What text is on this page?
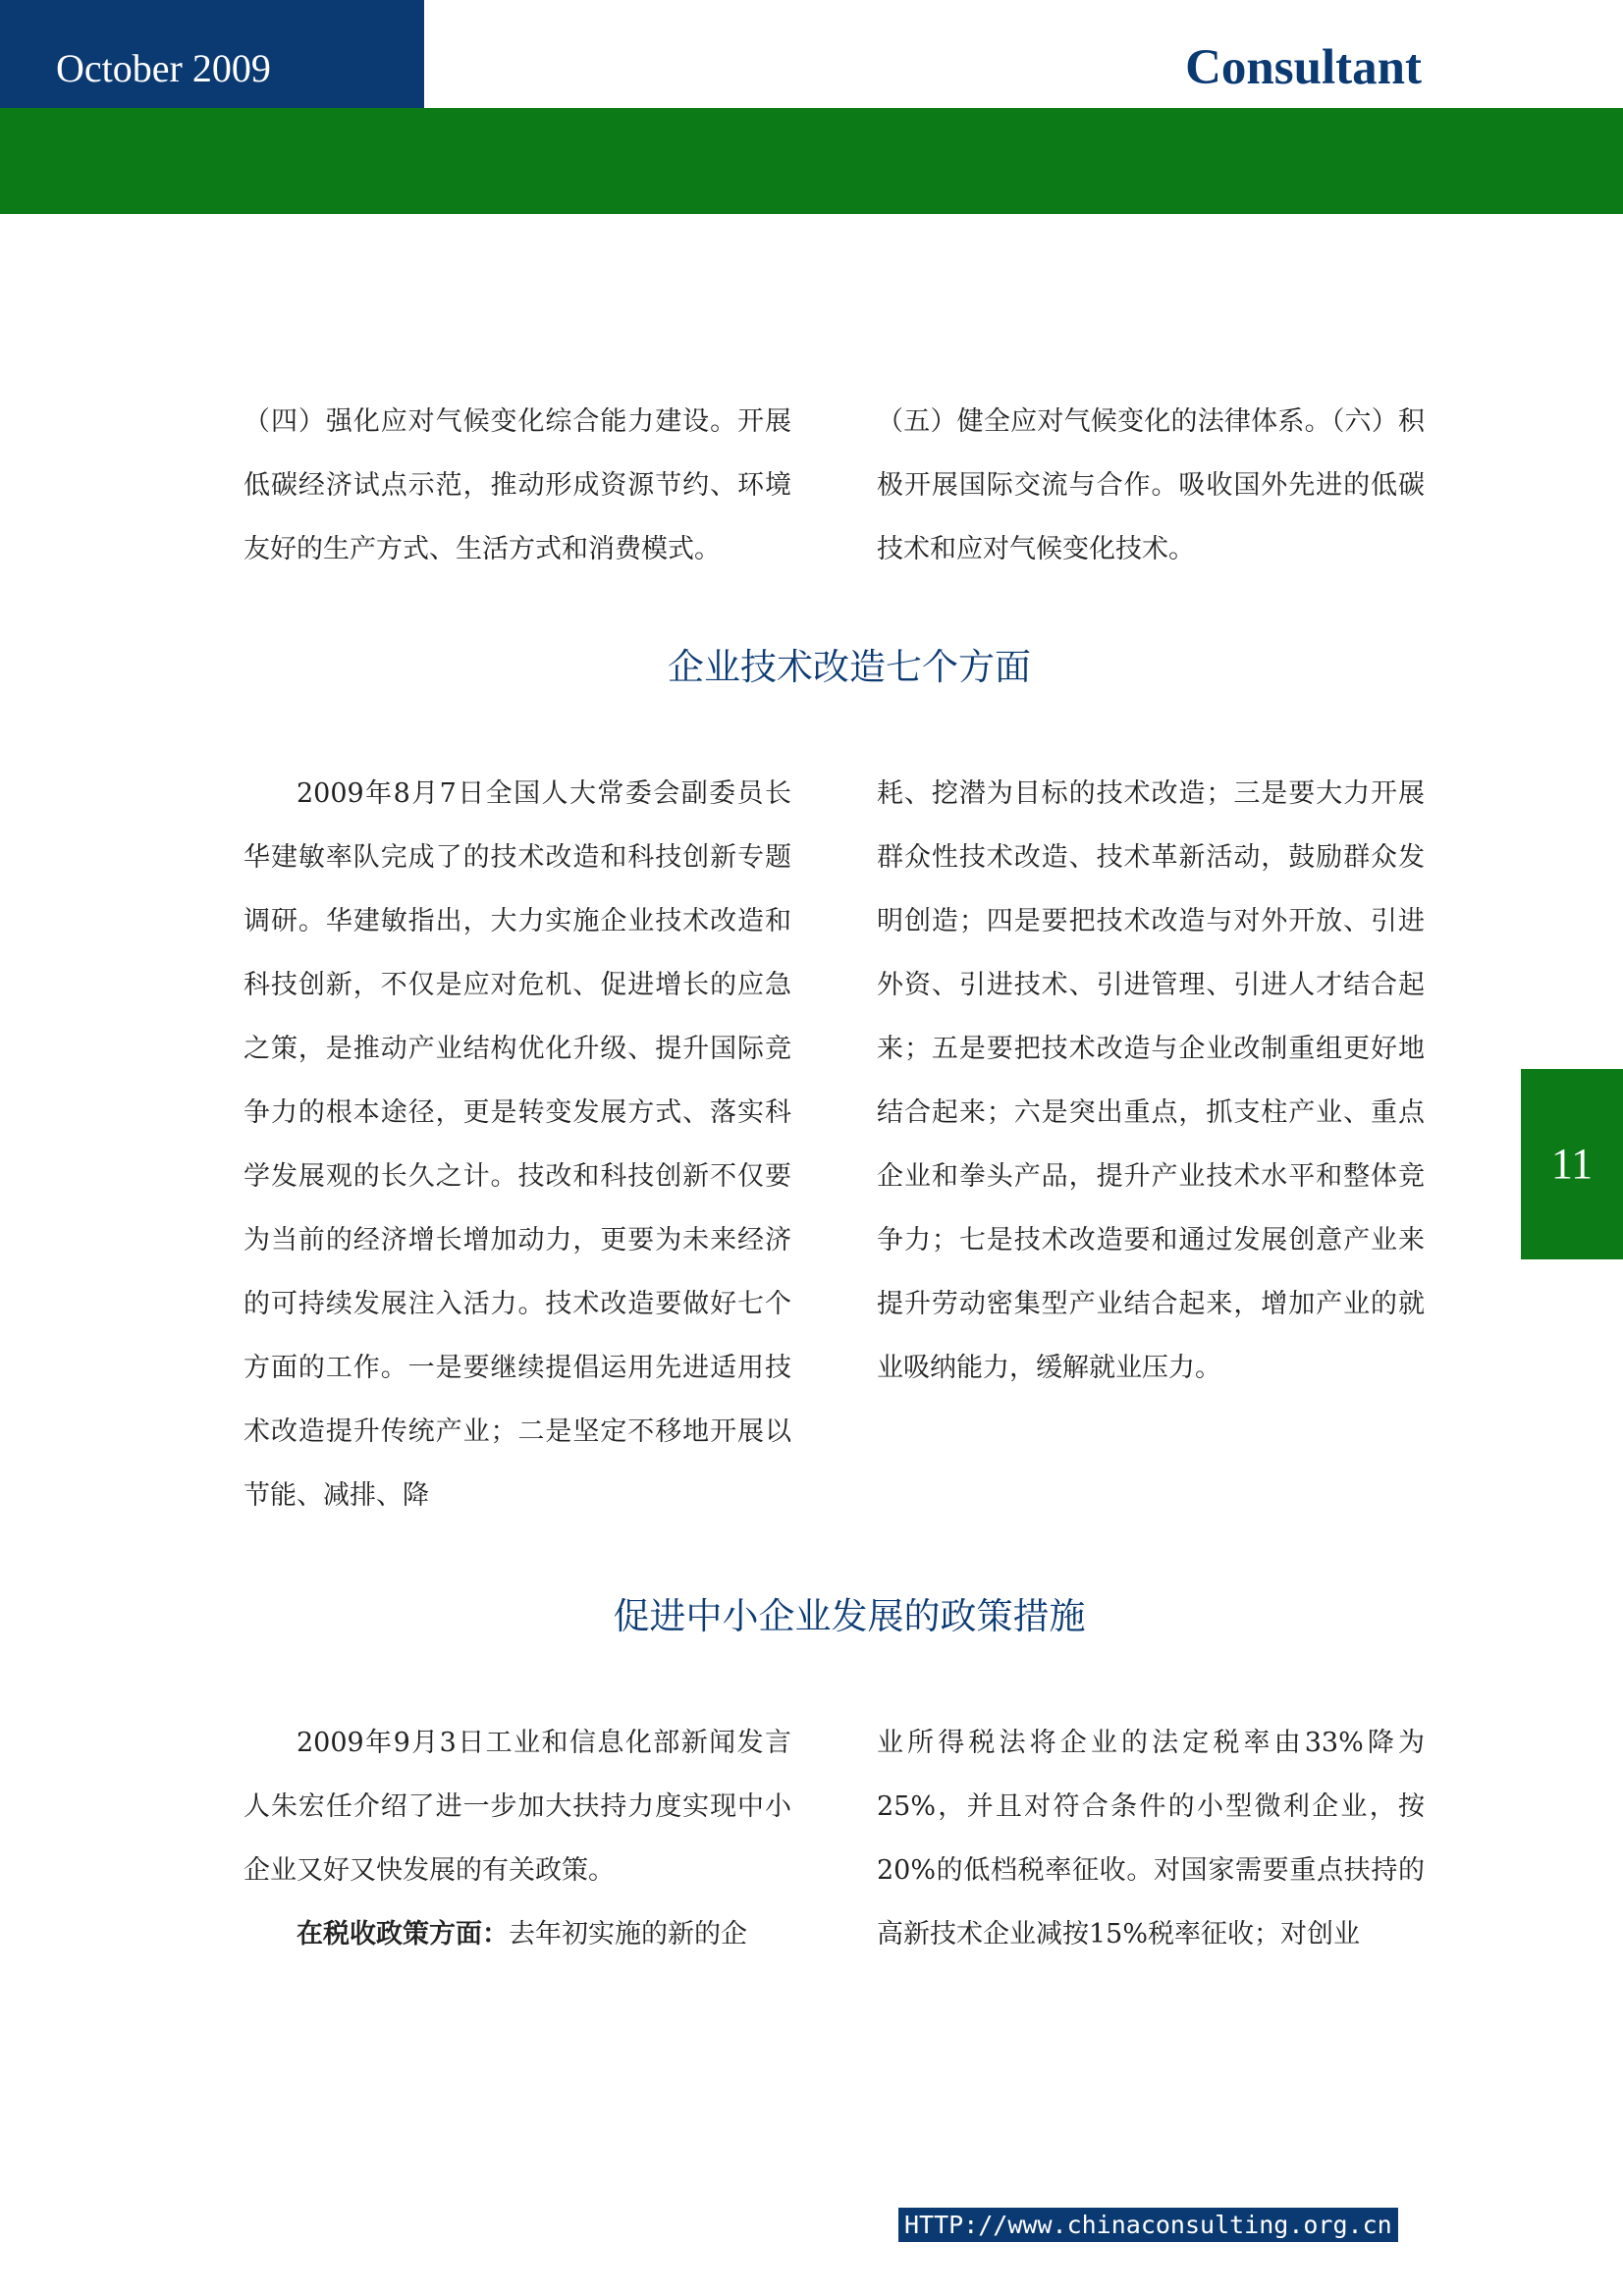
October 2009	Consultant

（四）强化应对气候变化综合能力建设。开展低碳经济试点示范，推动形成资源节约、环境友好的生产方式、生活方式和消费模式。

（五）健全应对气候变化的法律体系。（六）积极开展国际交流与合作。吸收国外先进的低碳技术和应对气候变化技术。

企业技术改造七个方面

2009年8月7日全国人大常委会副委员长华建敏率队完成了的技术改造和科技创新专题调研。华建敏指出，大力实施企业技术改造和科技创新，不仅是应对危机、促进增长的应急之策，是推动产业结构优化升级、提升国际竞争力的根本途径，更是转变发展方式、落实科学发展观的长久之计。技改和科技创新不仅要为当前的经济增长增加动力，更要为未来经济的可持续发展注入活力。技术改造要做好七个方面的工作。一是要继续提倡运用先进适用技术改造提升传统产业；二是坚定不移地开展以节能、减排、降

耗、挖潜为目标的技术改造；三是要大力开展群众性技术改造、技术革新活动，鼓励群众发明创造；四是要把技术改造与对外开放、引进外资、引进技术、引进管理、引进人才结合起来；五是要把技术改造与企业改制重组更好地结合起来；六是突出重点，抓支柱产业、重点企业和拳头产品，提升产业技术水平和整体竞争力；七是技术改造要和通过发展创意产业来提升劳动密集型产业结合起来，增加产业的就业吸纳能力，缓解就业压力。

促进中小企业发展的政策措施

2009年9月3日工业和信息化部新闻发言人朱宏任介绍了进一步加大扶持力度实现中小企业又好又快发展的有关政策。

在税收政策方面：去年初实施的新的企

业所得税法将企业的法定税率由33%降为25%，并且对符合条件的小型微利企业，按20%的低档税率征收。对国家需要重点扶持的高新技术企业减按15%税率征收；对创业

11
HTTP://www.chinaconsulting.org.cn
